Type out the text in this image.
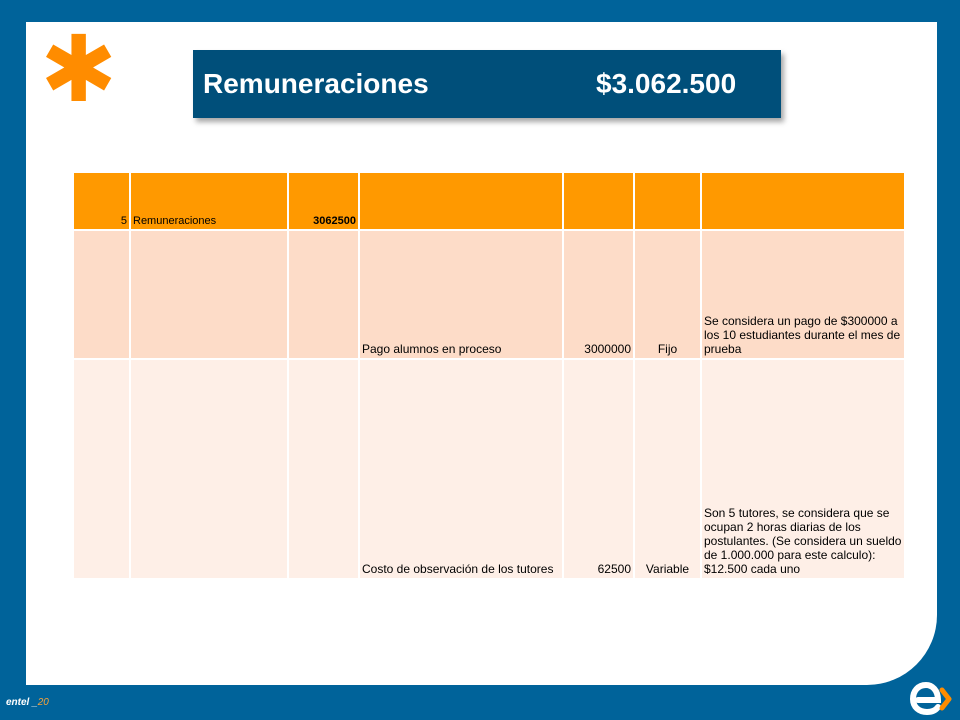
✱	Remuneraciones	$3.062.500
5	Remuneraciones	3062500				
			Pago alumnos en proceso	3000000	Fijo	Se considera un pago de $300000 a los 10 estudiantes durante el mes de prueba
			Costo de observación de los tutores	62500	Variable	Son 5 tutores, se considera que se ocupan 2 horas diarias de los postulantes. (Se considera un sueldo de 1.000.000 para este calculo): $12.500 cada uno
entel _20
